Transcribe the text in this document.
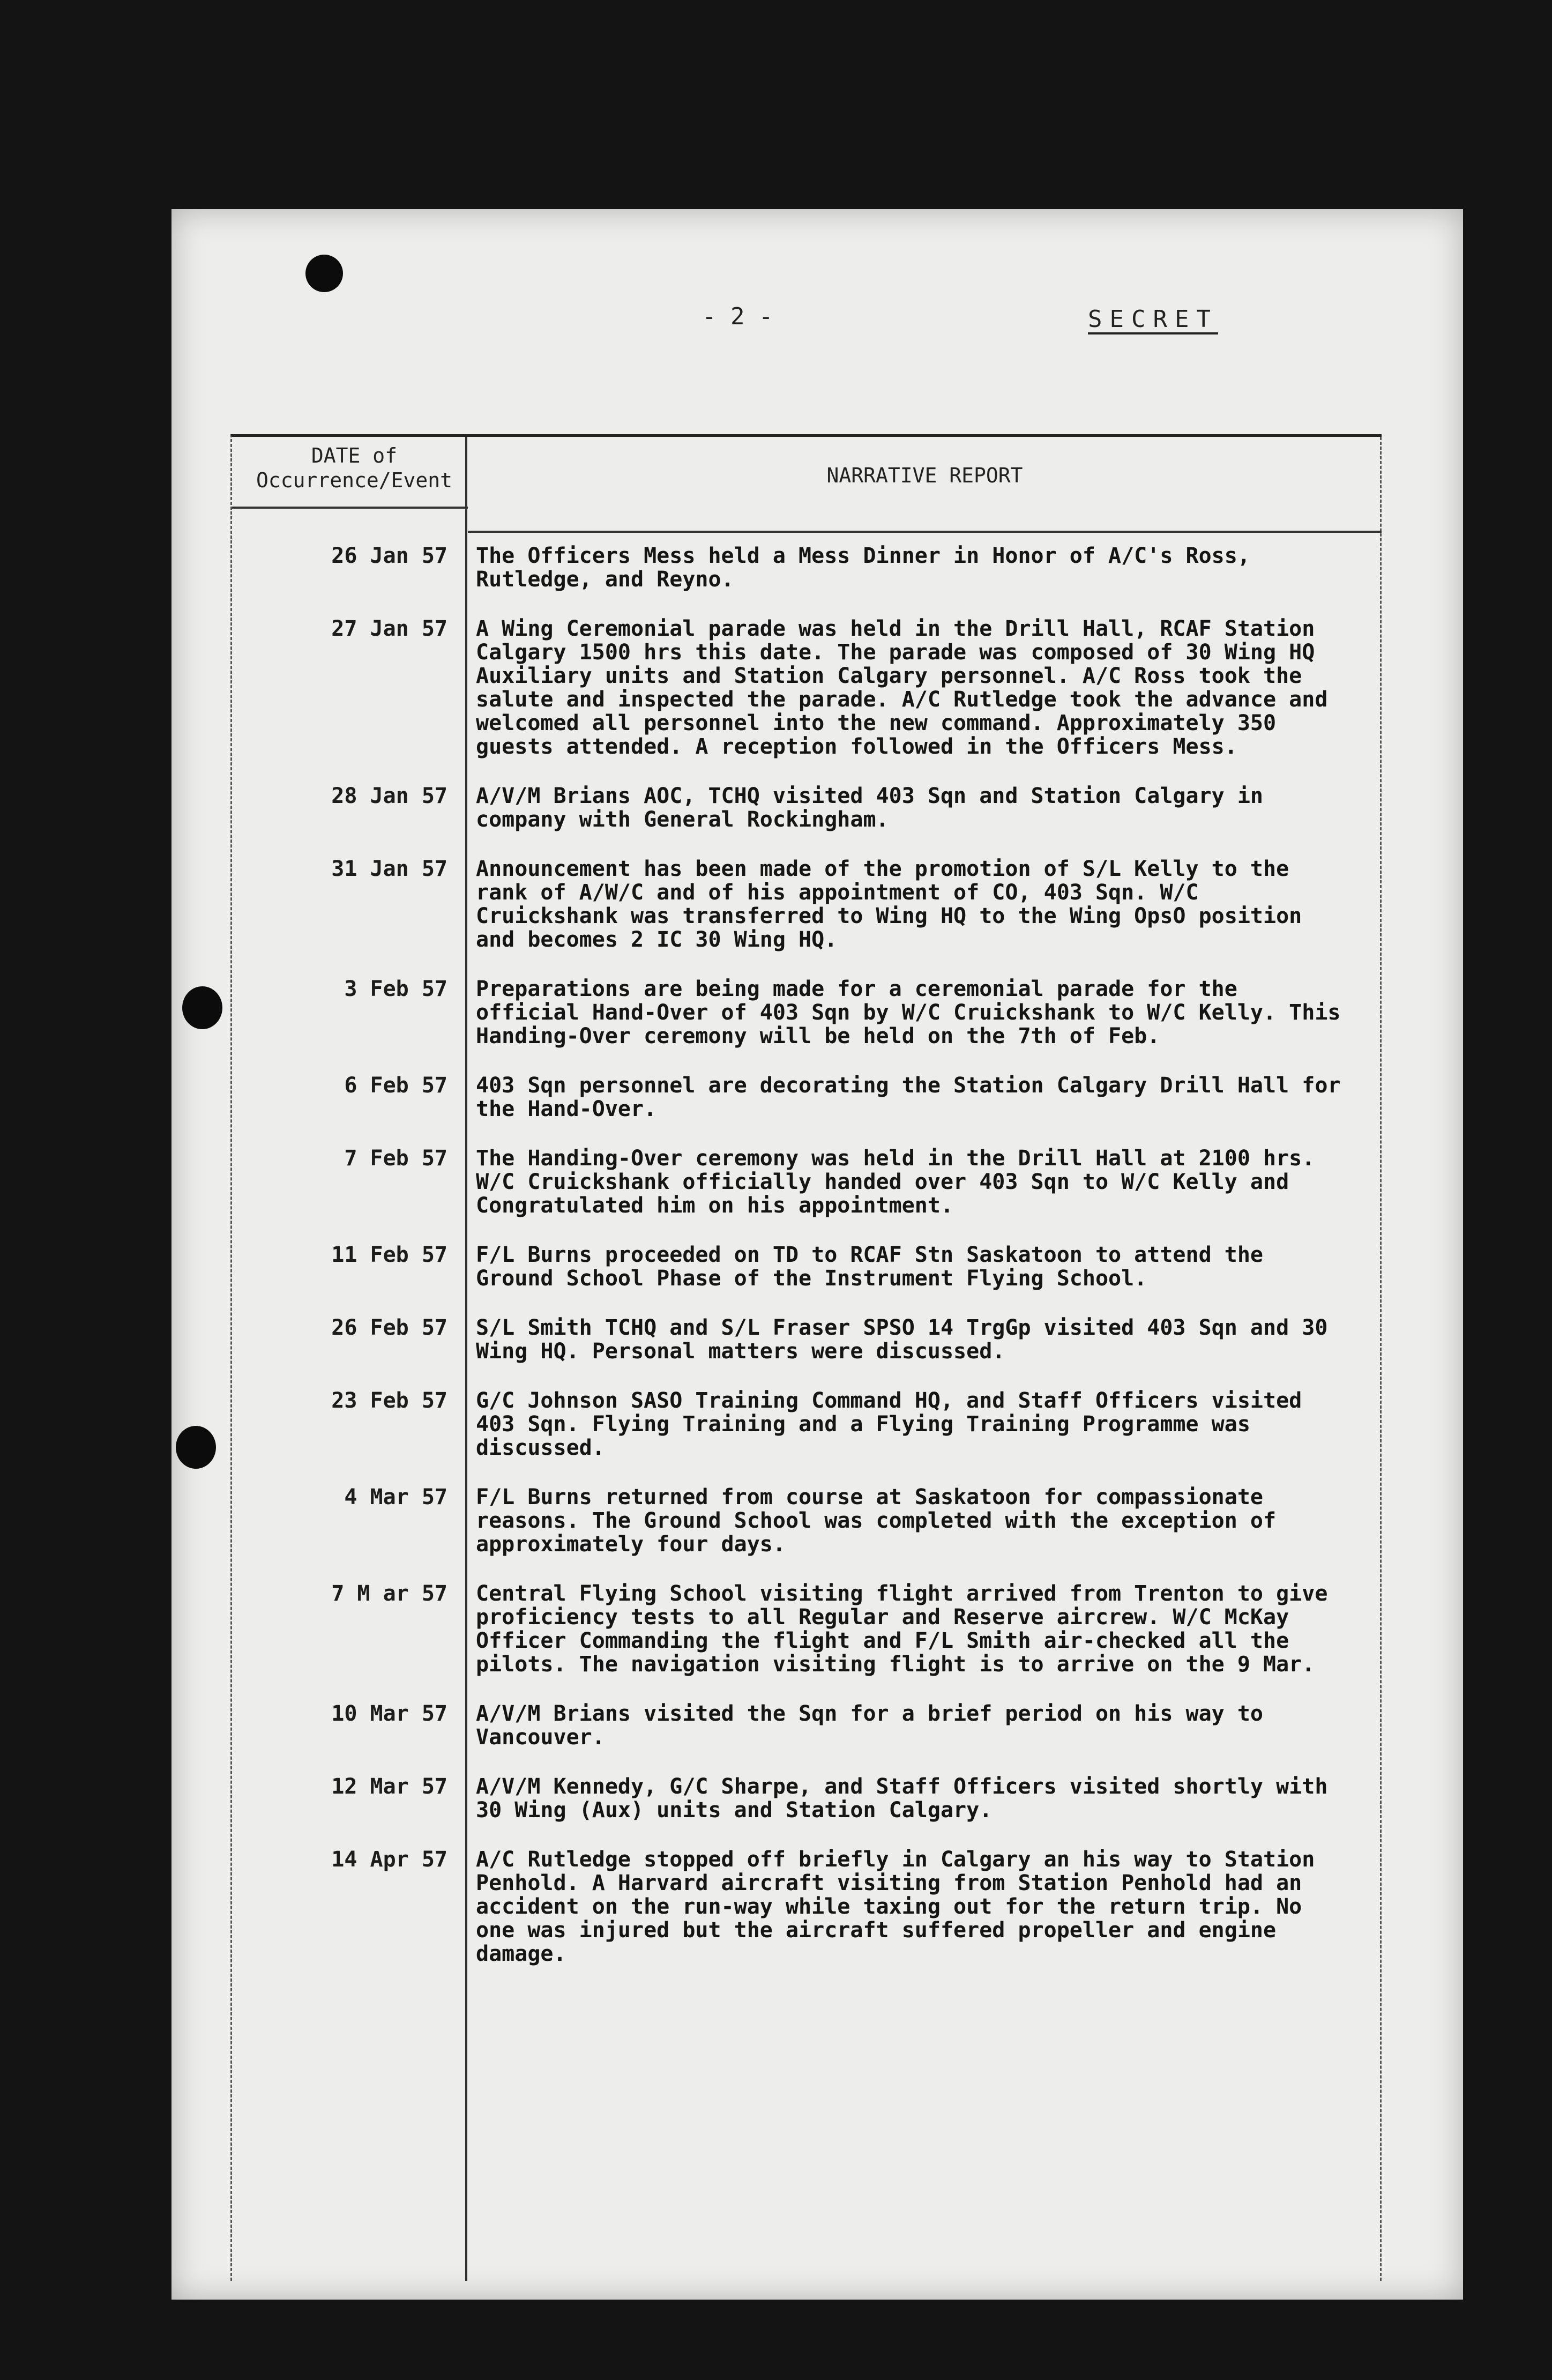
- 2 -	SECRET
DATE of Occurrence/Event	NARRATIVE REPORT
26 Jan 57	The Officers Mess held a Mess Dinner in Honor of A/C's Ross, Rutledge, and Reyno.
27 Jan 57	A Wing Ceremonial parade was held in the Drill Hall, RCAF Station Calgary 1500 hrs this date. The parade was composed of 30 Wing HQ Auxiliary units and Station Calgary personnel. A/C Ross took the salute and inspected the parade. A/C Rutledge took the advance and welcomed all personnel into the new command. Approximately 350 guests attended. A reception followed in the Officers Mess.
28 Jan 57	A/V/M Brians AOC, TCHQ visited 403 Sqn and Station Calgary in company with General Rockingham.
31 Jan 57	Announcement has been made of the promotion of S/L Kelly to the rank of A/W/C and of his appointment of CO, 403 Sqn. W/C Cruickshank was transferred to Wing HQ to the Wing OpsO position and becomes 2 IC 30 Wing HQ.
3 Feb 57	Preparations are being made for a ceremonial parade for the official Hand-Over of 403 Sqn by W/C Cruickshank to W/C Kelly. This Handing-Over ceremony will be held on the 7th of Feb.
6 Feb 57	403 Sqn personnel are decorating the Station Calgary Drill Hall for the Hand-Over.
7 Feb 57	The Handing-Over ceremony was held in the Drill Hall at 2100 hrs. W/C Cruickshank officially handed over 403 Sqn to W/C Kelly and Congratulated him on his appointment.
11 Feb 57	F/L Burns proceeded on TD to RCAF Stn Saskatoon to attend the Ground School Phase of the Instrument Flying School.
26 Feb 57	S/L Smith TCHQ and S/L Fraser SPSO 14 TrgGp visited 403 Sqn and 30 Wing HQ. Personal matters were discussed.
23 Feb 57	G/C Johnson SASO Training Command HQ, and Staff Officers visited 403 Sqn. Flying Training and a Flying Training Programme was discussed.
4 Mar 57	F/L Burns returned from course at Saskatoon for compassionate reasons. The Ground School was completed with the exception of approximately four days.
7 M ar 57	Central Flying School visiting flight arrived from Trenton to give proficiency tests to all Regular and Reserve aircrew. W/C McKay Officer Commanding the flight and F/L Smith air-checked all the pilots. The navigation visiting flight is to arrive on the 9 Mar.
10 Mar 57	A/V/M Brians visited the Sqn for a brief period on his way to Vancouver.
12 Mar 57	A/V/M Kennedy, G/C Sharpe, and Staff Officers visited shortly with 30 Wing (Aux) units and Station Calgary.
14 Apr 57	A/C Rutledge stopped off briefly in Calgary an his way to Station Penhold. A Harvard aircraft visiting from Station Penhold had an accident on the run-way while taxing out for the return trip. No one was injured but the aircraft suffered propeller and engine damage.
